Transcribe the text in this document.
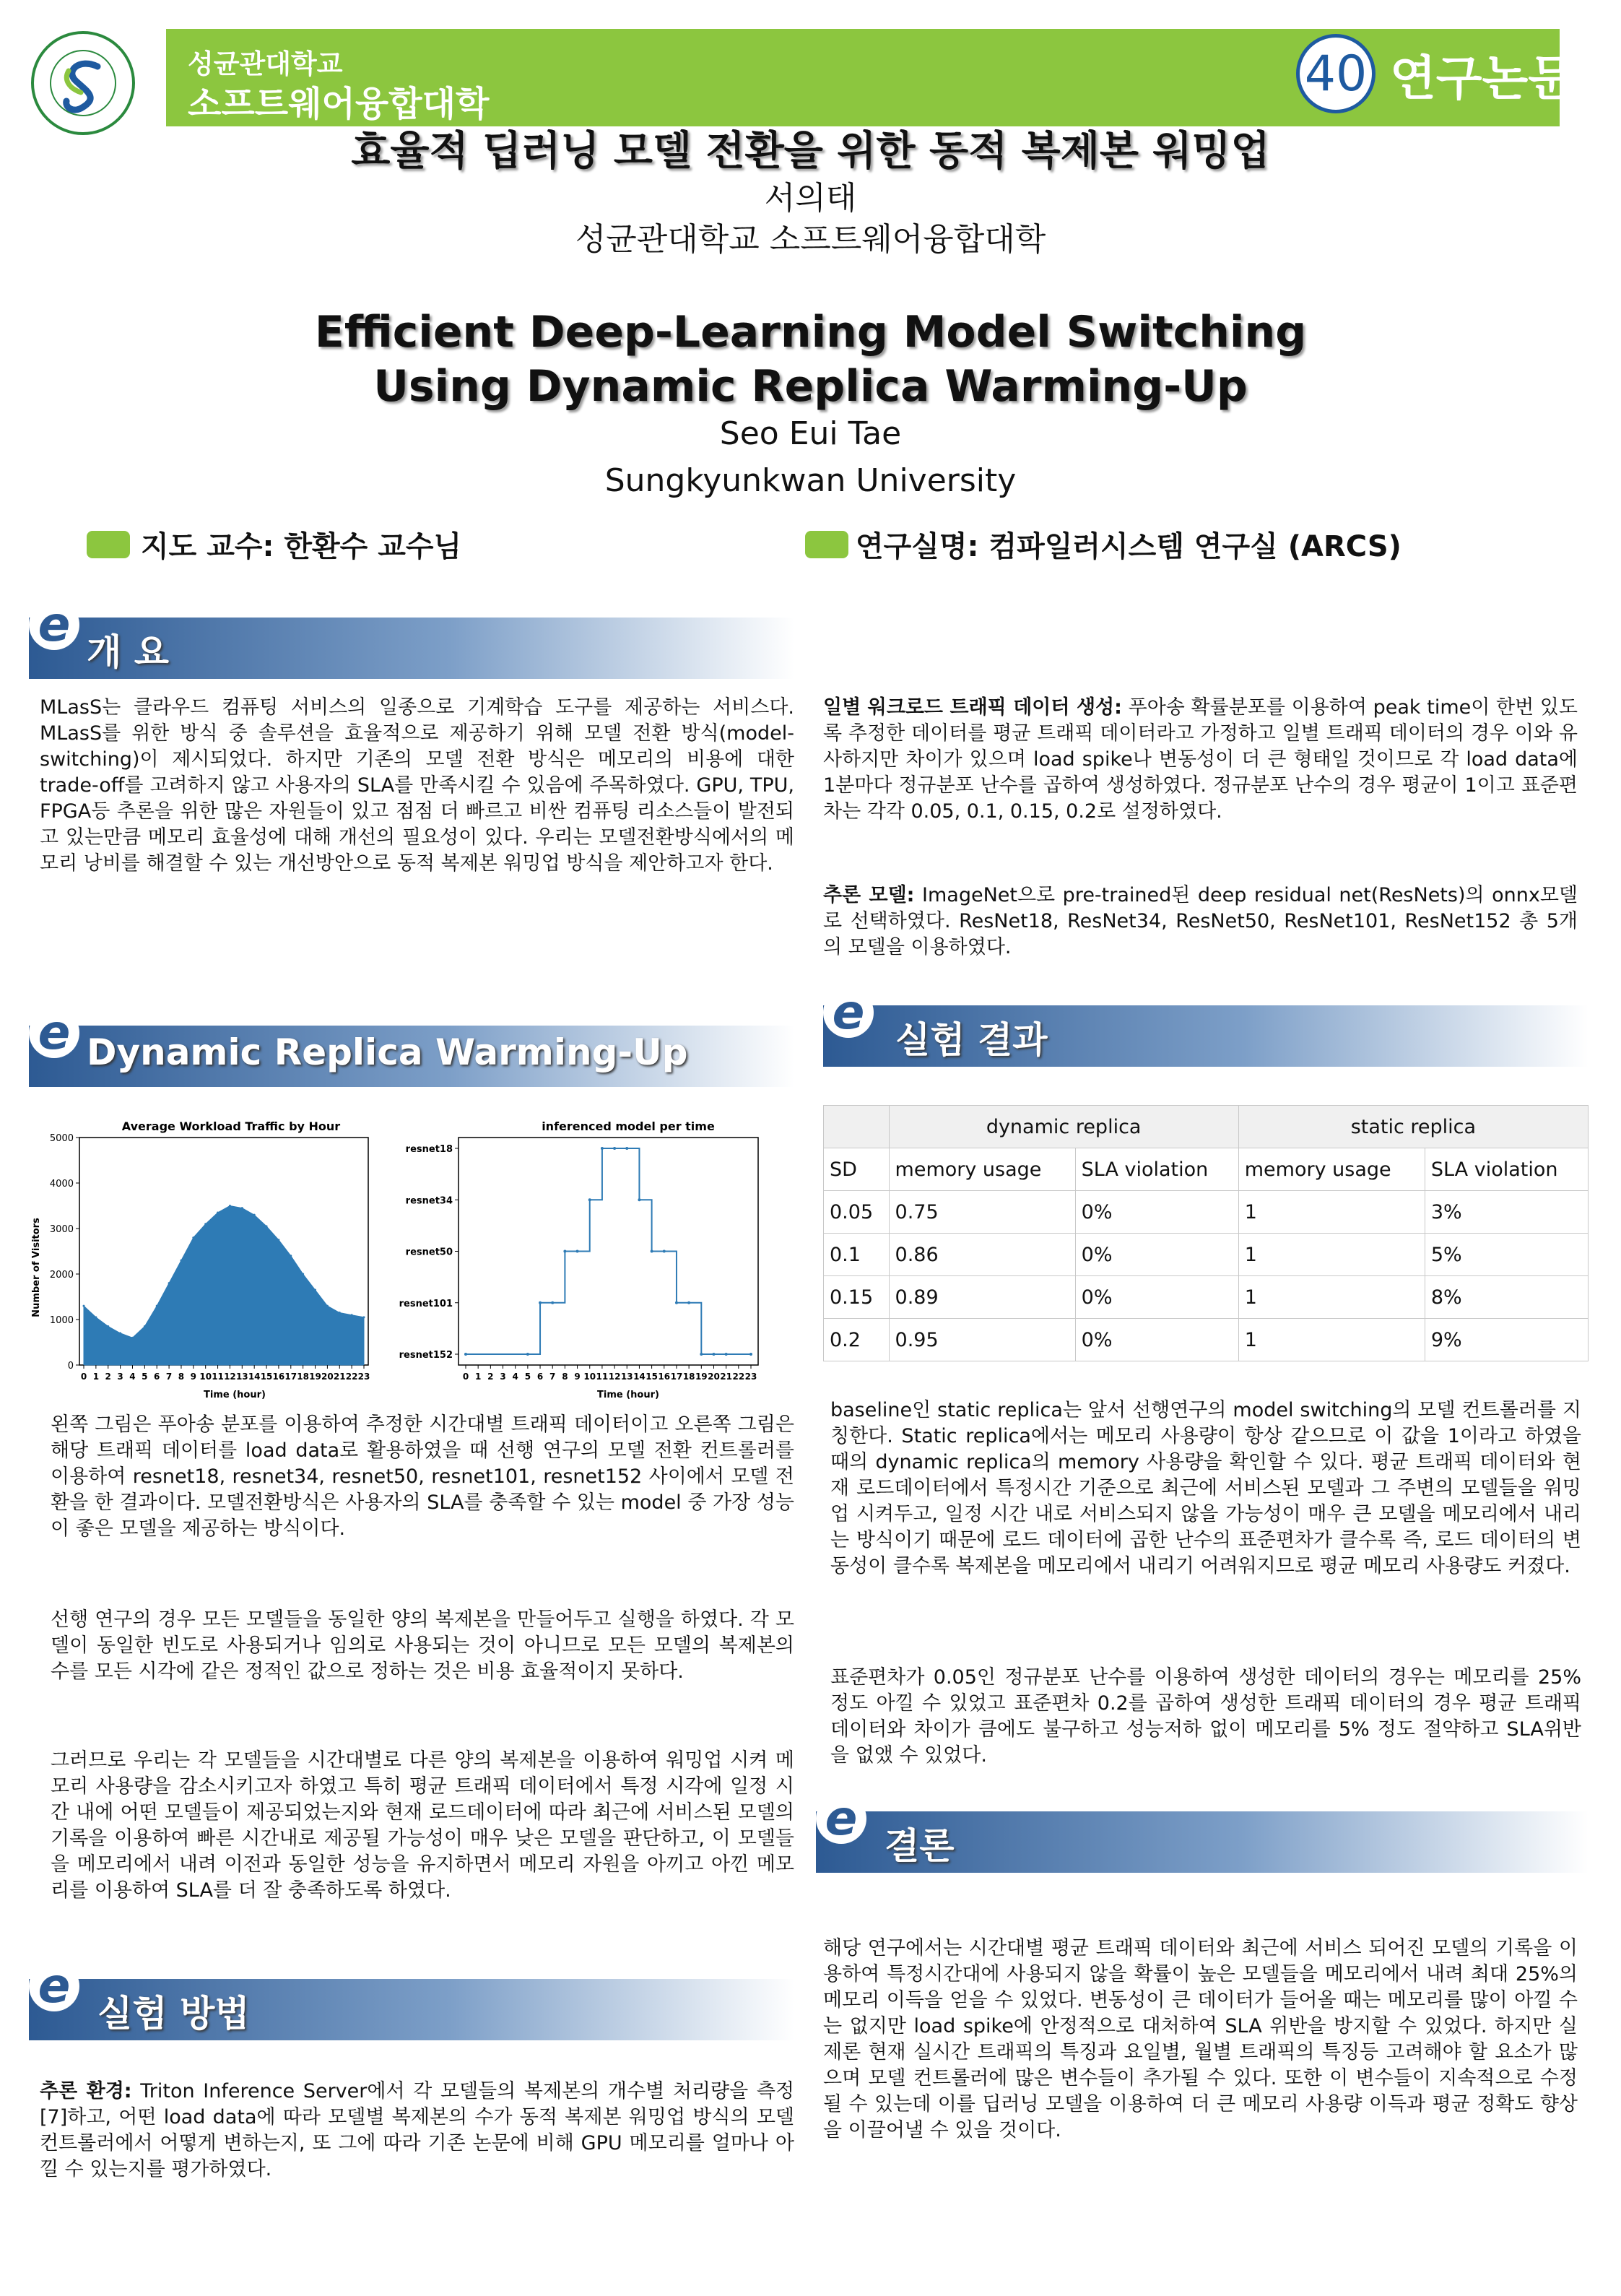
성균관대학교
소프트웨어융합대학
40 연구논문
효율적 딥러닝 모델 전환을 위한 동적 복제본 워밍업
서의태
성균관대학교 소프트웨어융합대학
Efficient Deep-Learning Model Switching
Using Dynamic Replica Warming-Up
Seo Eui Tae
Sungkyunkwan University
지도 교수: 한환수 교수님	연구실명: 컴파일러시스템 연구실 (ARCS)
e 개 요
MLasS는 클라우드 컴퓨팅 서비스의 일종으로 기계학습 도구를 제공하는 서비스다. MLasS를 위한 방식 중 솔루션을 효율적으로 제공하기 위해 모델 전환 방식(model-switching)이 제시되었다. 하지만 기존의 모델 전환 방식은 메모리의 비용에 대한 trade-off를 고려하지 않고 사용자의 SLA를 만족시킬 수 있음에 주목하였다. GPU, TPU, FPGA등 추론을 위한 많은 자원들이 있고 점점 더 빠르고 비싼 컴퓨팅 리소스들이 발전되고 있는만큼 메모리 효율성에 대해 개선의 필요성이 있다. 우리는 모델전환방식에서의 메모리 낭비를 해결할 수 있는 개선방안으로 동적 복제본 워밍업 방식을 제안하고자 한다.
일별 워크로드 트래픽 데이터 생성: 푸아송 확률분포를 이용하여 peak time이 한번 있도록 추정한 데이터를 평균 트래픽 데이터라고 가정하고 일별 트래픽 데이터의 경우 이와 유사하지만 차이가 있으며 load spike나 변동성이 더 큰 형태일 것이므로 각 load data에 1분마다 정규분포 난수를 곱하여 생성하였다. 정규분포 난수의 경우 평균이 1이고 표준편차는 각각 0.05, 0.1, 0.15, 0.2로 설정하였다.
추론 모델: ImageNet으로 pre-trained된 deep residual net(ResNets)의 onnx모델로 선택하였다. ResNet18, ResNet34, ResNet50, ResNet101, ResNet152 총 5개의 모델을 이용하였다.
e Dynamic Replica Warming-Up
Average Workload Traffic by Hour
0
1000
2000
3000
4000
5000
0 1 2 3 4 5 6 7 8 9 10 11 12 13 14 15 16 17 18 19 20 21 22 23
Time (hour)
Number of Visitors
inferenced model per time
resnet18
resnet34
resnet50
resnet101
resnet152
0 1 2 3 4 5 6 7 8 9 10 11 12 13 14 15 16 17 18 19 20 21 22 23
Time (hour)
왼쪽 그림은 푸아송 분포를 이용하여 추정한 시간대별 트래픽 데이터이고 오른쪽 그림은 해당 트래픽 데이터를 load data로 활용하였을 때 선행 연구의 모델 전환 컨트롤러를 이용하여 resnet18, resnet34, resnet50, resnet101, resnet152 사이에서 모델 전환을 한 결과이다. 모델전환방식은 사용자의 SLA를 충족할 수 있는 model 중 가장 성능이 좋은 모델을 제공하는 방식이다.
선행 연구의 경우 모든 모델들을 동일한 양의 복제본을 만들어두고 실행을 하였다. 각 모델이 동일한 빈도로 사용되거나 임의로 사용되는 것이 아니므로 모든 모델의 복제본의 수를 모든 시각에 같은 정적인 값으로 정하는 것은 비용 효율적이지 못하다.
그러므로 우리는 각 모델들을 시간대별로 다른 양의 복제본을 이용하여 워밍업 시켜 메모리 사용량을 감소시키고자 하였고 특히 평균 트래픽 데이터에서 특정 시각에 일정 시간 내에 어떤 모델들이 제공되었는지와 현재 로드데이터에 따라 최근에 서비스된 모델의 기록을 이용하여 빠른 시간내로 제공될 가능성이 매우 낮은 모델을 판단하고, 이 모델들을 메모리에서 내려 이전과 동일한 성능을 유지하면서 메모리 자원을 아끼고 아낀 메모리를 이용하여 SLA를 더 잘 충족하도록 하였다.
e 실험 방법
추론 환경: Triton Inference Server에서 각 모델들의 복제본의 개수별 처리량을 측정[7]하고, 어떤 load data에 따라 모델별 복제본의 수가 동적 복제본 워밍업 방식의 모델 컨트롤러에서 어떻게 변하는지, 또 그에 따라 기존 논문에 비해 GPU 메모리를 얼마나 아낄 수 있는지를 평가하였다.
e 실험 결과
	dynamic replica		static replica	
SD	memory usage	SLA violation	memory usage	SLA violation
0.05	0.75	0%	1	3%
0.1	0.86	0%	1	5%
0.15	0.89	0%	1	8%
0.2	0.95	0%	1	9%
baseline인 static replica는 앞서 선행연구의 model switching의 모델 컨트롤러를 지칭한다. Static replica에서는 메모리 사용량이 항상 같으므로 이 값을 1이라고 하였을 때의 dynamic replica의 memory 사용량을 확인할 수 있다. 평균 트래픽 데이터와 현재 로드데이터에서 특정시간 기준으로 최근에 서비스된 모델과 그 주변의 모델들을 워밍 업 시켜두고, 일정 시간 내로 서비스되지 않을 가능성이 매우 큰 모델을 메모리에서 내리는 방식이기 때문에 로드 데이터에 곱한 난수의 표준편차가 클수록 즉, 로드 데이터의 변동성이 클수록 복제본을 메모리에서 내리기 어려워지므로 평균 메모리 사용량도 커졌다.
표준편차가 0.05인 정규분포 난수를 이용하여 생성한 데이터의 경우는 메모리를 25% 정도 아낄 수 있었고 표준편차 0.2를 곱하여 생성한 트래픽 데이터의 경우 평균 트래픽 데이터와 차이가 큼에도 불구하고 성능저하 없이 메모리를 5% 정도 절약하고 SLA위반을 없앴 수 있었다.
e 결론
해당 연구에서는 시간대별 평균 트래픽 데이터와 최근에 서비스 되어진 모델의 기록을 이용하여 특정시간대에 사용되지 않을 확률이 높은 모델들을 메모리에서 내려 최대 25%의 메모리 이득을 얻을 수 있었다. 변동성이 큰 데이터가 들어올 때는 메모리를 많이 아낄 수는 없지만 load spike에 안정적으로 대처하여 SLA 위반을 방지할 수 있었다. 하지만 실제론 현재 실시간 트래픽의 특징과 요일별, 월별 트래픽의 특징등 고려해야 할 요소가 많으며 모델 컨트롤러에 많은 변수들이 추가될 수 있다. 또한 이 변수들이 지속적으로 수정될 수 있는데 이를 딥러닝 모델을 이용하여 더 큰 메모리 사용량 이득과 평균 정확도 향상을 이끌어낼 수 있을 것이다.
